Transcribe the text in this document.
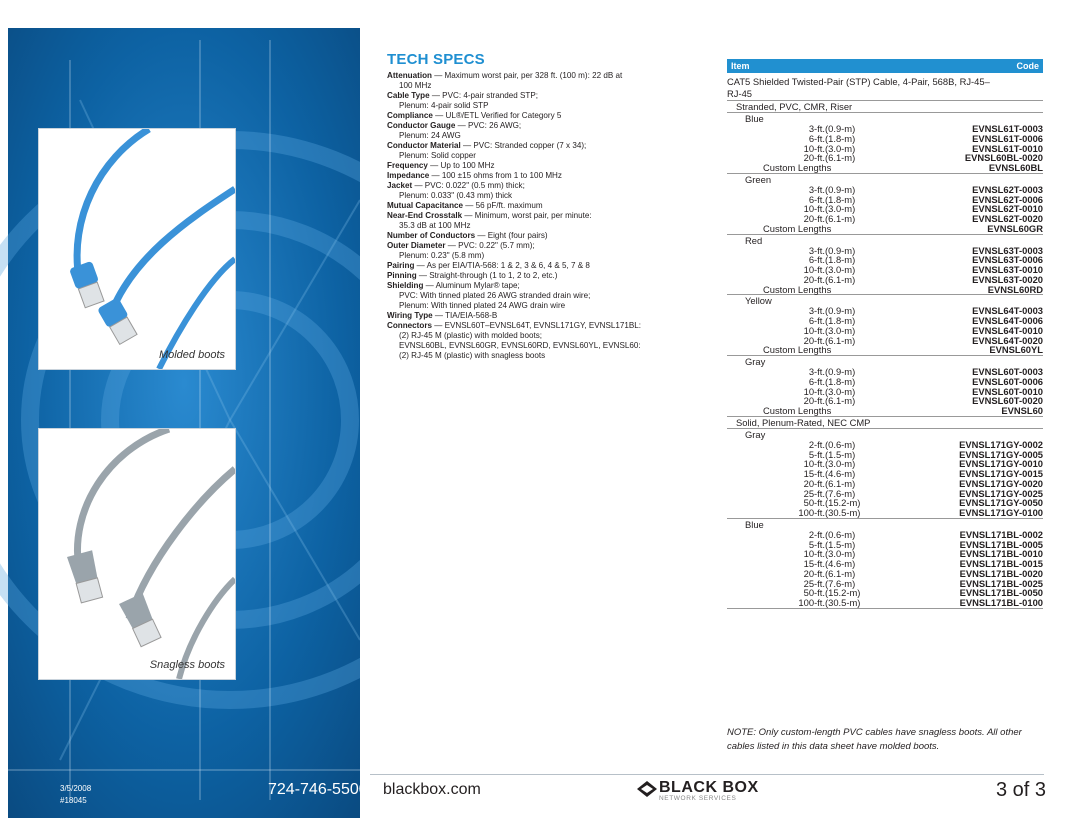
Molded boots
Snagless boots
3/5/2008
#18045
724-746-5500 blackbox.com	BLACK BOX
NETWORK SERVICES	3 of 3
TECH SPECS
Attenuation — Maximum worst pair, per 328 ft. (100 m): 22 dB at
100 MHz
Cable Type — PVC: 4-pair stranded STP;
Plenum: 4-pair solid STP
Compliance — UL®/ETL Verified for Category 5
Conductor Gauge — PVC: 26 AWG;
Plenum: 24 AWG
Conductor Material — PVC: Stranded copper (7 x 34);
Plenum: Solid copper
Frequency — Up to 100 MHz
Impedance — 100 ±15 ohms from 1 to 100 MHz
Jacket — PVC: 0.022" (0.5 mm) thick;
Plenum: 0.033" (0.43 mm) thick
Mutual Capacitance — 56 pF/ft. maximum
Near-End Crosstalk — Minimum, worst pair, per minute:
35.3 dB at 100 MHz
Number of Conductors — Eight (four pairs)
Outer Diameter — PVC: 0.22" (5.7 mm);
Plenum: 0.23" (5.8 mm)
Pairing — As per EIA/TIA-568: 1 & 2, 3 & 6, 4 & 5, 7 & 8
Pinning — Straight-through (1 to 1, 2 to 2, etc.)
Shielding — Aluminum Mylar® tape;
PVC: With tinned plated 26 AWG stranded drain wire;
Plenum: With tinned plated 24 AWG drain wire
Wiring Type — TIA/EIA-568-B
Connectors — EVNSL60T–EVNSL64T, EVNSL171GY, EVNSL171BL:
(2) RJ-45 M (plastic) with molded boots;
EVNSL60BL, EVNSL60GR, EVNSL60RD, EVNSL60YL, EVNSL60:
(2) RJ-45 M (plastic) with snagless boots
Item	Code
CAT5 Shielded Twisted-Pair (STP) Cable, 4-Pair, 568B, RJ-45–
RJ-45
Stranded, PVC, CMR, Riser
Blue
3-ft. (0.9-m)	EVNSL61T-0003
6-ft. (1.8-m)	EVNSL61T-0006
10-ft. (3.0-m)	EVNSL61T-0010
20-ft. (6.1-m)	EVNSL60BL-0020
Custom Lengths	EVNSL60BL
Green
3-ft. (0.9-m)	EVNSL62T-0003
6-ft. (1.8-m)	EVNSL62T-0006
10-ft. (3.0-m)	EVNSL62T-0010
20-ft. (6.1-m)	EVNSL62T-0020
Custom Lengths	EVNSL60GR
Red
3-ft. (0.9-m)	EVNSL63T-0003
6-ft. (1.8-m)	EVNSL63T-0006
10-ft. (3.0-m)	EVNSL63T-0010
20-ft. (6.1-m)	EVNSL63T-0020
Custom Lengths	EVNSL60RD
Yellow
3-ft. (0.9-m)	EVNSL64T-0003
6-ft. (1.8-m)	EVNSL64T-0006
10-ft. (3.0-m)	EVNSL64T-0010
20-ft. (6.1-m)	EVNSL64T-0020
Custom Lengths	EVNSL60YL
Gray
3-ft. (0.9-m)	EVNSL60T-0003
6-ft. (1.8-m)	EVNSL60T-0006
10-ft. (3.0-m)	EVNSL60T-0010
20-ft. (6.1-m)	EVNSL60T-0020
Custom Lengths	EVNSL60
Solid, Plenum-Rated, NEC CMP
Gray
2-ft. (0.6-m)	EVNSL171GY-0002
5-ft. (1.5-m)	EVNSL171GY-0005
10-ft. (3.0-m)	EVNSL171GY-0010
15-ft. (4.6-m)	EVNSL171GY-0015
20-ft. (6.1-m)	EVNSL171GY-0020
25-ft. (7.6-m)	EVNSL171GY-0025
50-ft. (15.2-m)	EVNSL171GY-0050
100-ft. (30.5-m)	EVNSL171GY-0100
Blue
2-ft. (0.6-m)	EVNSL171BL-0002
5-ft. (1.5-m)	EVNSL171BL-0005
10-ft. (3.0-m)	EVNSL171BL-0010
15-ft. (4.6-m)	EVNSL171BL-0015
20-ft. (6.1-m)	EVNSL171BL-0020
25-ft. (7.6-m)	EVNSL171BL-0025
50-ft. (15.2-m)	EVNSL171BL-0050
100-ft. (30.5-m)	EVNSL171BL-0100
NOTE: Only custom-length PVC cables have snagless boots. All other cables listed in this data sheet have molded boots.
